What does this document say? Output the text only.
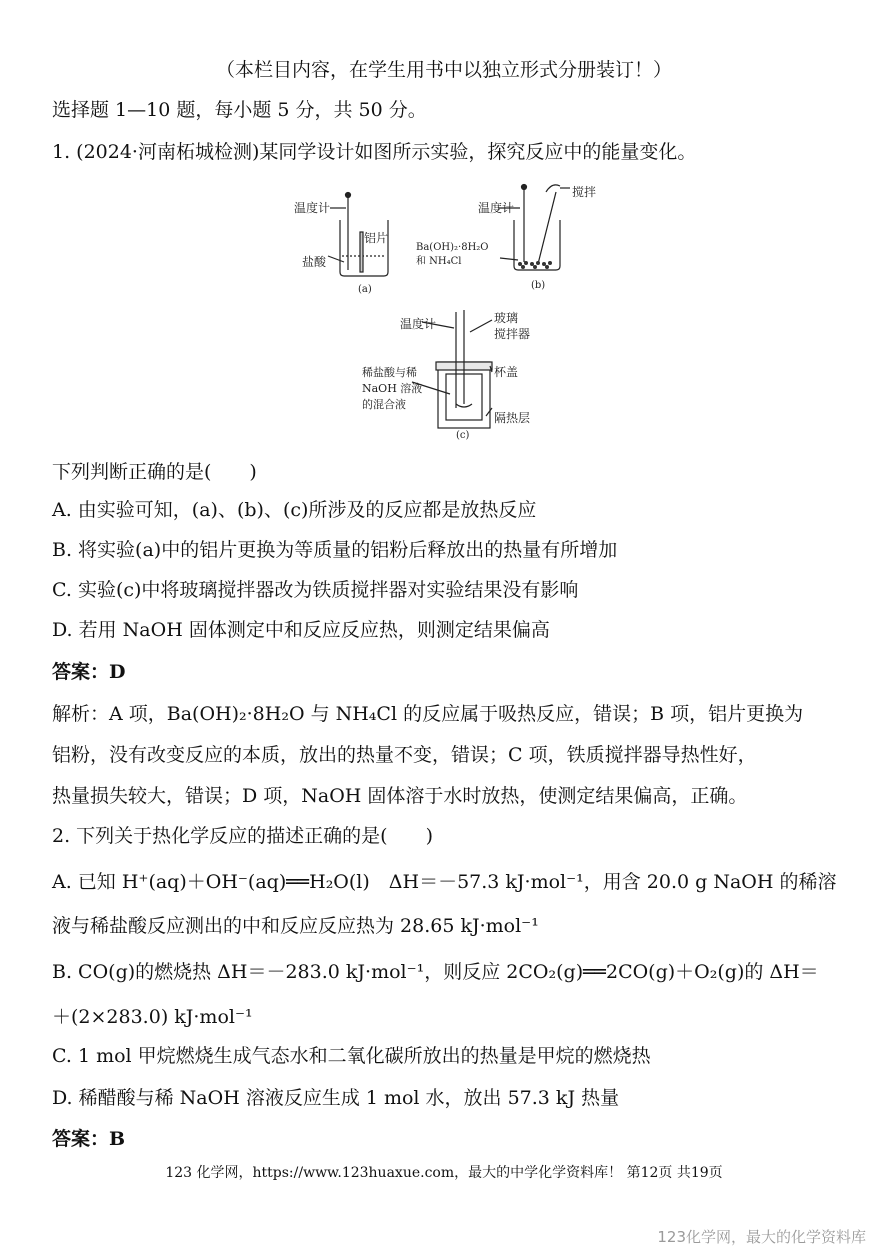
（本栏目内容，在学生用书中以独立形式分册装订！）
选择题 1—10 题，每小题 5 分，共 50 分。
1. (2024·河南柘城检测)某同学设计如图所示实验，探究反应中的能量变化。
温度计
铝片
盐酸
(a)
搅拌
温度计
Ba(OH)₂·8H₂O
和 NH₄Cl
(b)
温度计	玻璃
搅拌器
稀盐酸与稀
NaOH 溶液
的混合液
杯盖
隔热层
(c)
下列判断正确的是(　　)
A. 由实验可知，(a)、(b)、(c)所涉及的反应都是放热反应
B. 将实验(a)中的铝片更换为等质量的铝粉后释放出的热量有所增加
C. 实验(c)中将玻璃搅拌器改为铁质搅拌器对实验结果没有影响
D. 若用 NaOH 固体测定中和反应反应热，则测定结果偏高
答案：D
解析：A 项，Ba(OH)₂·8H₂O 与 NH₄Cl 的反应属于吸热反应，错误；B 项，铝片更换为
铝粉，没有改变反应的本质，放出的热量不变，错误；C 项，铁质搅拌器导热性好，
热量损失较大，错误；D 项，NaOH 固体溶于水时放热，使测定结果偏高，正确。
2. 下列关于热化学反应的描述正确的是(　　)
A. 已知 H⁺(aq)＋OH⁻(aq)══H₂O(l)　ΔH＝－57.3 kJ·mol⁻¹，用含 20.0 g NaOH 的稀溶
液与稀盐酸反应测出的中和反应反应热为 28.65 kJ·mol⁻¹
B. CO(g)的燃烧热 ΔH＝－283.0 kJ·mol⁻¹，则反应 2CO₂(g)══2CO(g)＋O₂(g)的 ΔH＝
＋(2×283.0) kJ·mol⁻¹
C. 1 mol 甲烷燃烧生成气态水和二氧化碳所放出的热量是甲烷的燃烧热
D. 稀醋酸与稀 NaOH 溶液反应生成 1 mol 水，放出 57.3 kJ 热量
答案：B
123 化学网，https://www.123huaxue.com，最大的中学化学资料库！ 第12页 共19页
123化学网，最大的化学资料库
